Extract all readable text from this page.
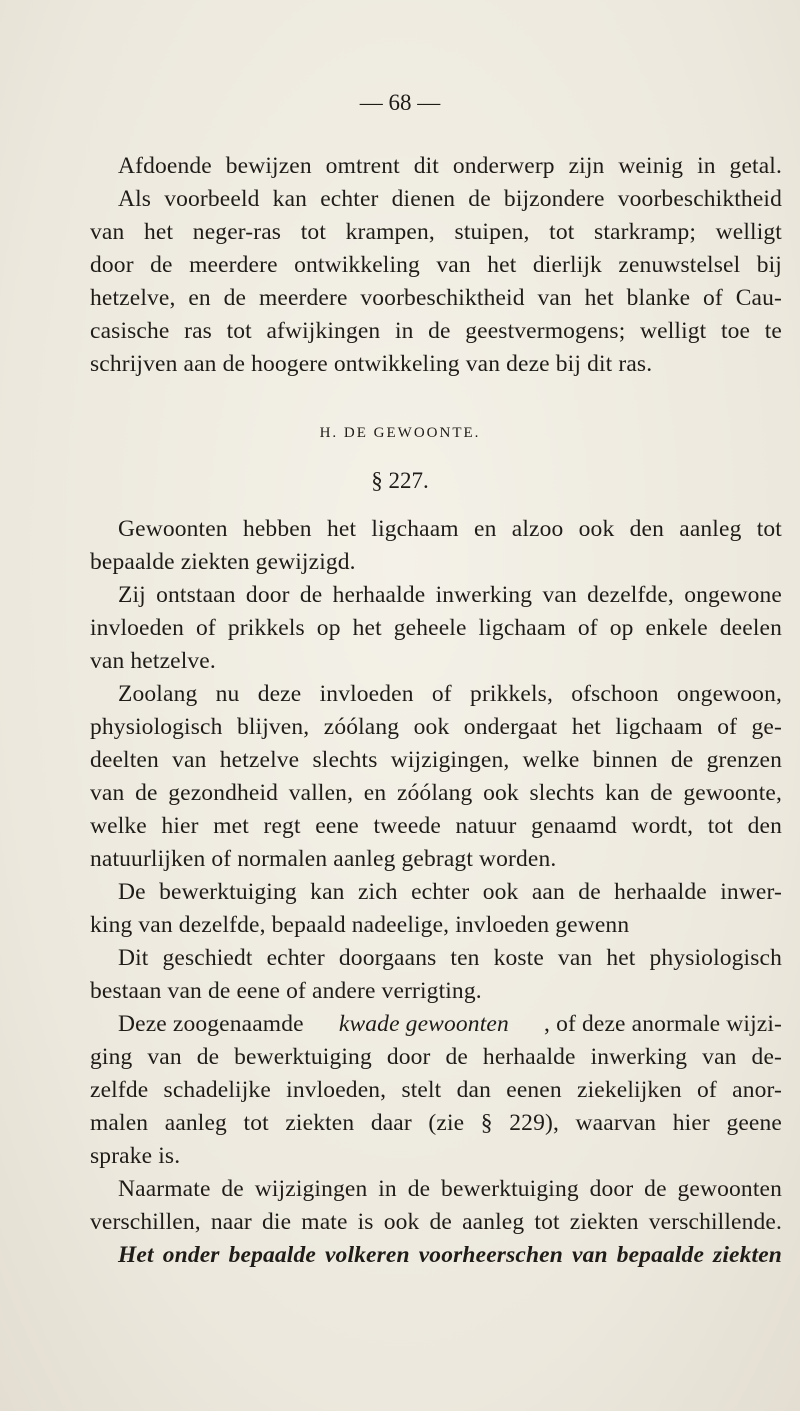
— 68 —
Afdoende bewijzen omtrent dit onderwerp zijn weinig in getal.
Als voorbeeld kan echter dienen de bijzondere voorbeschiktheid
van het neger-ras tot krampen, stuipen, tot starkramp; welligt
door de meerdere ontwikkeling van het dierlijk zenuwstelsel bij
hetzelve, en de meerdere voorbeschiktheid van het blanke of Cau-
casische ras tot afwijkingen in de geestvermogens; welligt toe te
schrijven aan de hoogere ontwikkeling van deze bij dit ras.
H. DE GEWOONTE.
§ 227.
Gewoonten hebben het ligchaam en alzoo ook den aanleg tot
bepaalde ziekten gewijzigd.
Zij ontstaan door de herhaalde inwerking van dezelfde, ongewone
invloeden of prikkels op het geheele ligchaam of op enkele deelen
van hetzelve.
Zoolang nu deze invloeden of prikkels, ofschoon ongewoon,
physiologisch blijven, zóólang ook ondergaat het ligchaam of ge-
deelten van hetzelve slechts wijzigingen, welke binnen de grenzen
van de gezondheid vallen, en zóólang ook slechts kan de gewoonte,
welke hier met regt eene tweede natuur genaamd wordt, tot den
natuurlijken of normalen aanleg gebragt worden.
De bewerktuiging kan zich echter ook aan de herhaalde inwer-
king van dezelfde, bepaald nadeelige, invloeden gewenn
Dit geschiedt echter doorgaans ten koste van het physiologisch
bestaan van de eene of andere verrigting.
Deze zoogenaamde kwade gewoonten , of deze anormale wijzi-
ging van de bewerktuiging door de herhaalde inwerking van de-
zelfde schadelijke invloeden, stelt dan eenen ziekelijken of anor-
malen aanleg tot ziekten daar (zie § 229), waarvan hier geene
sprake is.
Naarmate de wijzigingen in de bewerktuiging door de gewoonten
verschillen, naar die mate is ook de aanleg tot ziekten verschillende.
Het onder bepaalde volkeren voorheerschen van bepaalde ziekten
